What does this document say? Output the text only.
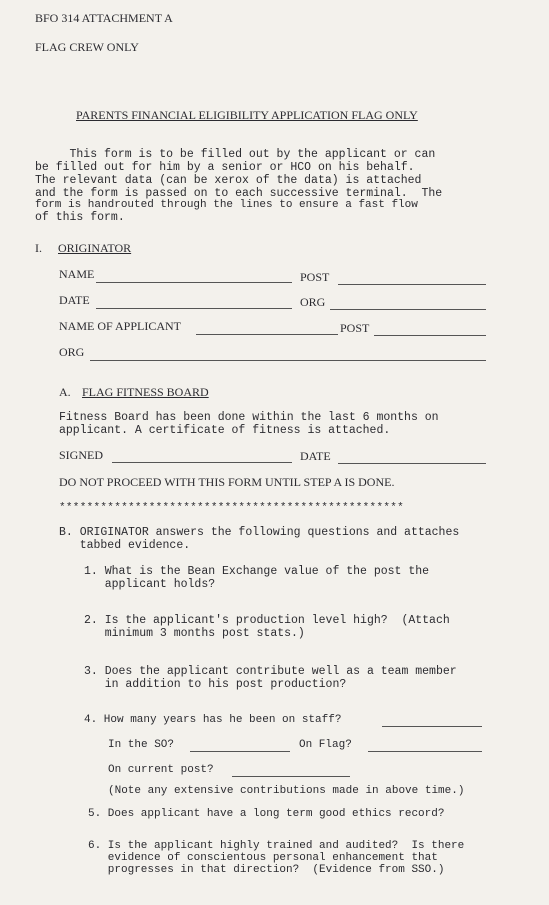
BFO 314 ATTACHMENT A
FLAG CREW ONLY
PARENTS FINANCIAL ELIGIBILITY APPLICATION FLAG ONLY
This form is to be filled out by the applicant or can
be filled out for him by a senior or HCO on his behalf.
The relevant data (can be xerox of the data) is attached
and the form is passed on to each successive terminal.  The
form is handrouted through the lines to ensure a fast flow
of this form.
I. ORIGINATOR
NAME	POST
DATE	ORG
NAME OF APPLICANT	POST
ORG
A. FLAG FITNESS BOARD
Fitness Board has been done within the last 6 months on
applicant. A certificate of fitness is attached.
SIGNED	DATE
DO NOT PROCEED WITH THIS FORM UNTIL STEP A IS DONE.
**************************************************
B. ORIGINATOR answers the following questions and attaches
tabbed evidence.
1. What is the Bean Exchange value of the post the
applicant holds?
2. Is the applicant's production level high?  (Attach
minimum 3 months post stats.)
3. Does the applicant contribute well as a team member
in addition to his post production?
4. How many years has he been on staff?
In the SO?	On Flag?
On current post?
(Note any extensive contributions made in above time.)
5. Does applicant have a long term good ethics record?
6. Is the applicant highly trained and audited?  Is there
evidence of conscientous personal enhancement that
progresses in that direction?  (Evidence from SSO.)
